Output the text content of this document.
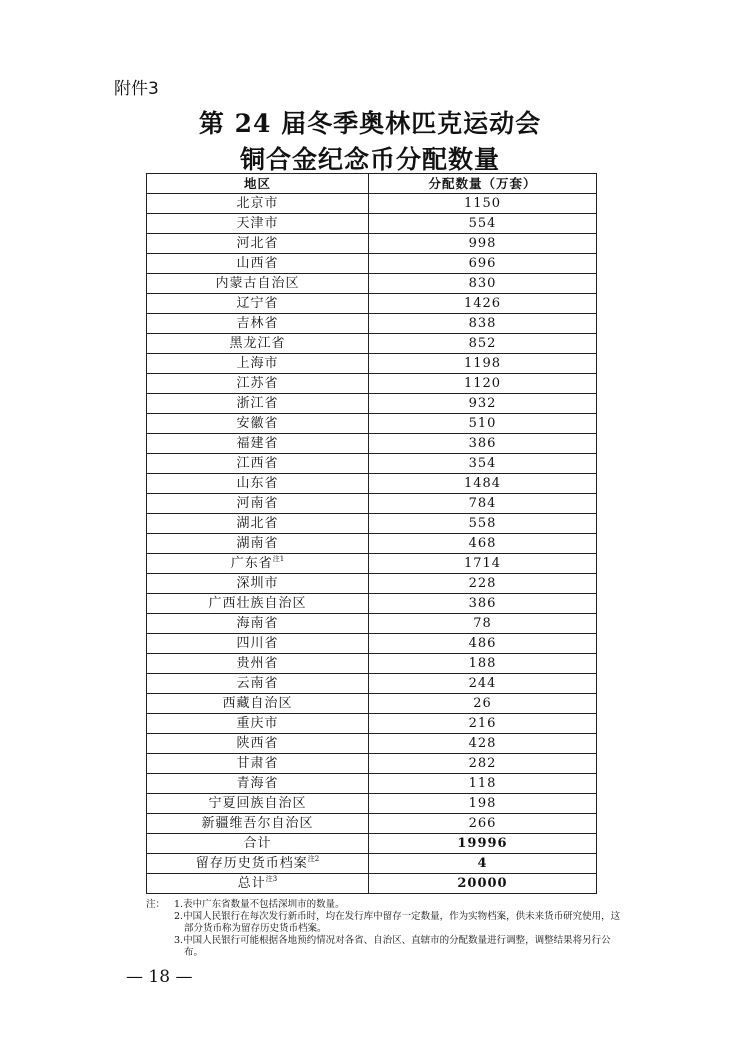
附件3
第 24 届冬季奥林匹克运动会
铜合金纪念币分配数量
地区	分配数量（万套）
北京市	1150
天津市	554
河北省	998
山西省	696
内蒙古自治区	830
辽宁省	1426
吉林省	838
黑龙江省	852
上海市	1198
江苏省	1120
浙江省	932
安徽省	510
福建省	386
江西省	354
山东省	1484
河南省	784
湖北省	558
湖南省	468
广东省$^{注1}$	1714
深圳市	228
广西壮族自治区	386
海南省	78
四川省	486
贵州省	188
云南省	244
西藏自治区	26
重庆市	216
陕西省	428
甘肃省	282
青海省	118
宁夏回族自治区	198
新疆维吾尔自治区	266
合计	19996
留存历史货币档案$^{注2}$	4
总计$^{注3}$	20000
注： 1.表中广东省数量不包括深圳市的数量。
2.中国人民银行在每次发行新币时，均在发行库中留存一定数量，作为实物档案，供未来货币研究使用，这部分货币称为留存历史货币档案。
3.中国人民银行可能根据各地预约情况对各省、自治区、直辖市的分配数量进行调整，调整结果将另行公布。
— 18 —
